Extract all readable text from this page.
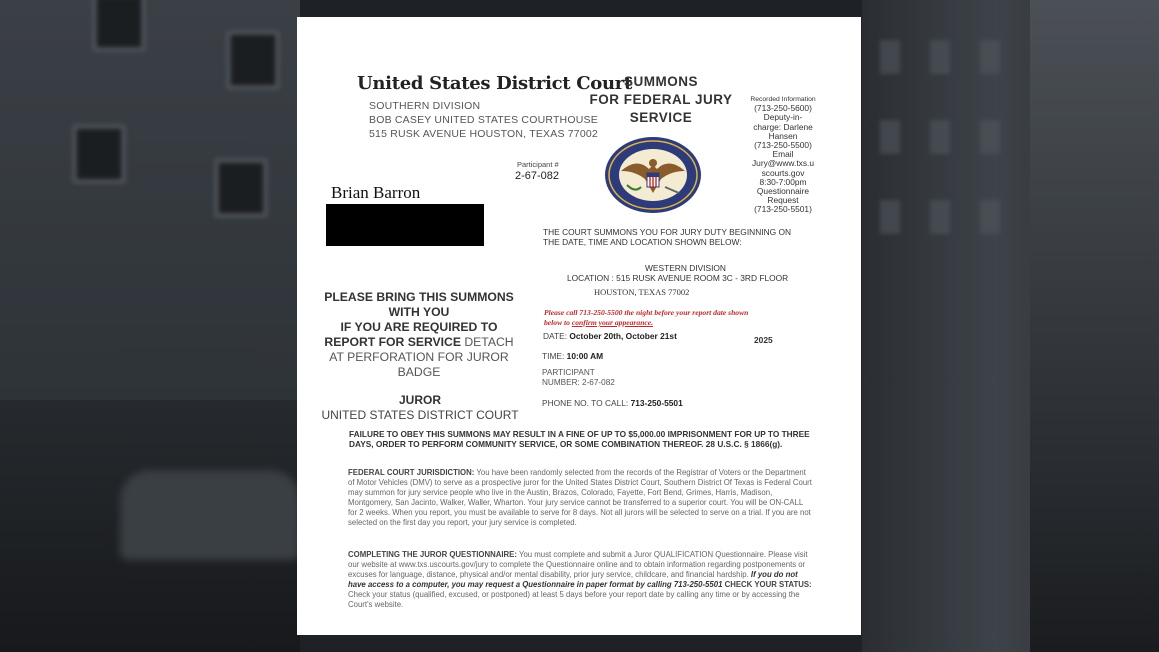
United States District Court
SOUTHERN DIVISION
BOB CASEY UNITED STATES COURTHOUSE
515 RUSK AVENUE HOUSTON, TEXAS 77002
SUMMONS
FOR FEDERAL JURY
SERVICE
Recorded Information
(713-250-5600)
Deputy-in-
charge: Darlene
Hansen
(713-250-5500)
Email
Jury@www.txs.u
scourts.gov
8:30-7:00pm
Questionnaire
Request
(713-250-5501)
Participant #
2-67-082
Brian Barron
THE COURT SUMMONS YOU FOR JURY DUTY BEGINNING ON THE DATE, TIME AND LOCATION SHOWN BELOW:
WESTERN DIVISION
LOCATION : 515 RUSK AVENUE ROOM 3C - 3RD FLOOR
HOUSTON, TEXAS 77002
PLEASE BRING THIS SUMMONS
WITH YOU
IF YOU ARE REQUIRED TO
REPORT FOR SERVICE DETACH
AT PERFORATION FOR JUROR
BADGE
JUROR
UNITED STATES DISTRICT COURT
Please call 713-250-5500 the night before your report date shown below to confirm your appearance.
DATE: October 20th, October 21st	2025
TIME: 10:00 AM
PARTICIPANT
NUMBER: 2-67-082
PHONE NO. TO CALL: 713-250-5501
FAILURE TO OBEY THIS SUMMONS MAY RESULT IN A FINE OF UP TO $5,000.00 IMPRISONMENT FOR UP TO THREE DAYS, ORDER TO PERFORM COMMUNITY SERVICE, OR SOME COMBINATION THEREOF. 28 U.S.C. § 1866(g).
FEDERAL COURT JURISDICTION: You have been randomly selected from the records of the Registrar of Voters or the Department of Motor Vehicles (DMV) to serve as a prospective juror for the United States District Court, Southern District Of Texas is Federal Court may summon for jury service people who live in the Austin, Brazos, Colorado, Fayette, Fort Bend, Grimes, Harris, Madison, Montgomery, San Jacinto, Walker, Waller, Wharton. Your jury service cannot be transferred to a superior court. You will be ON-CALL for 2 weeks. When you report, you must be available to serve for 8 days. Not all jurors will be selected to serve on a trial. If you are not selected on the first day you report, your jury service is completed.
COMPLETING THE JUROR QUESTIONNAIRE: You must complete and submit a Juror QUALIFICATION Questionnaire. Please visit our website at www.txs.uscourts.gov/jury to complete the Questionnaire online and to obtain information regarding postponements or excuses for language, distance, physical and/or mental disability, prior jury service, childcare, and financial hardship. If you do not have access to a computer, you may request a Questionnaire in paper format by calling 713-250-5501 CHECK YOUR STATUS: Check your status (qualified, excused, or postponed) at least 5 days before your report date by calling any time or by accessing the Court's website.
